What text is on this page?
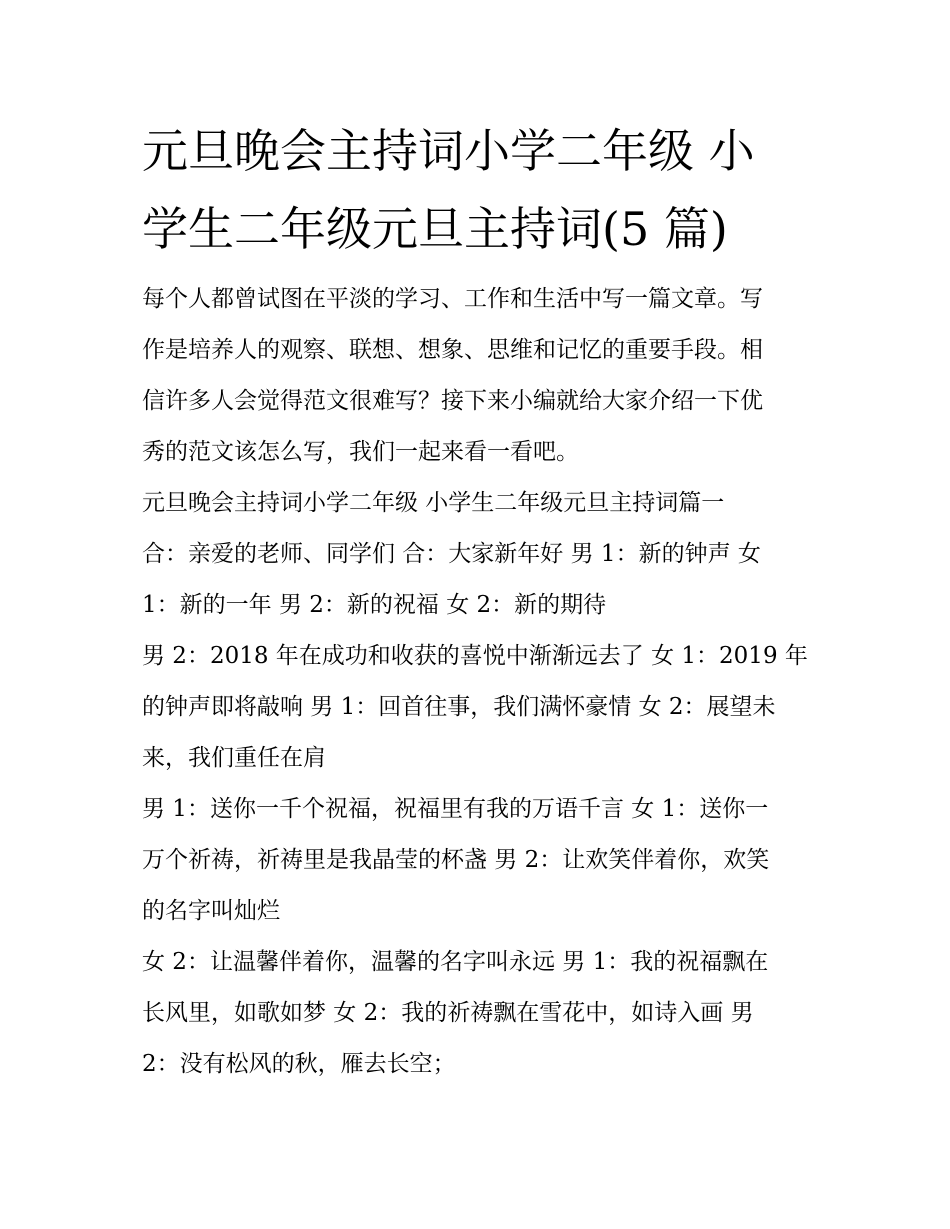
元旦晚会主持词小学二年级 小
学生二年级元旦主持词(5 篇)
每个人都曾试图在平淡的学习、工作和生活中写一篇文章。写
作是培养人的观察、联想、想象、思维和记忆的重要手段。相
信许多人会觉得范文很难写？接下来小编就给大家介绍一下优
秀的范文该怎么写，我们一起来看一看吧。
元旦晚会主持词小学二年级 小学生二年级元旦主持词篇一
合：亲爱的老师、同学们 合：大家新年好 男 1：新的钟声 女
1：新的一年 男 2：新的祝福 女 2：新的期待
男 2：2018 年在成功和收获的喜悦中渐渐远去了 女 1：2019 年
的钟声即将敲响 男 1：回首往事，我们满怀豪情 女 2：展望未
来，我们重任在肩
男 1：送你一千个祝福，祝福里有我的万语千言 女 1：送你一
万个祈祷，祈祷里是我晶莹的杯盏 男 2：让欢笑伴着你，欢笑
的名字叫灿烂
女 2：让温馨伴着你，温馨的名字叫永远 男 1：我的祝福飘在
长风里，如歌如梦 女 2：我的祈祷飘在雪花中，如诗入画 男
2：没有松风的秋，雁去长空；
